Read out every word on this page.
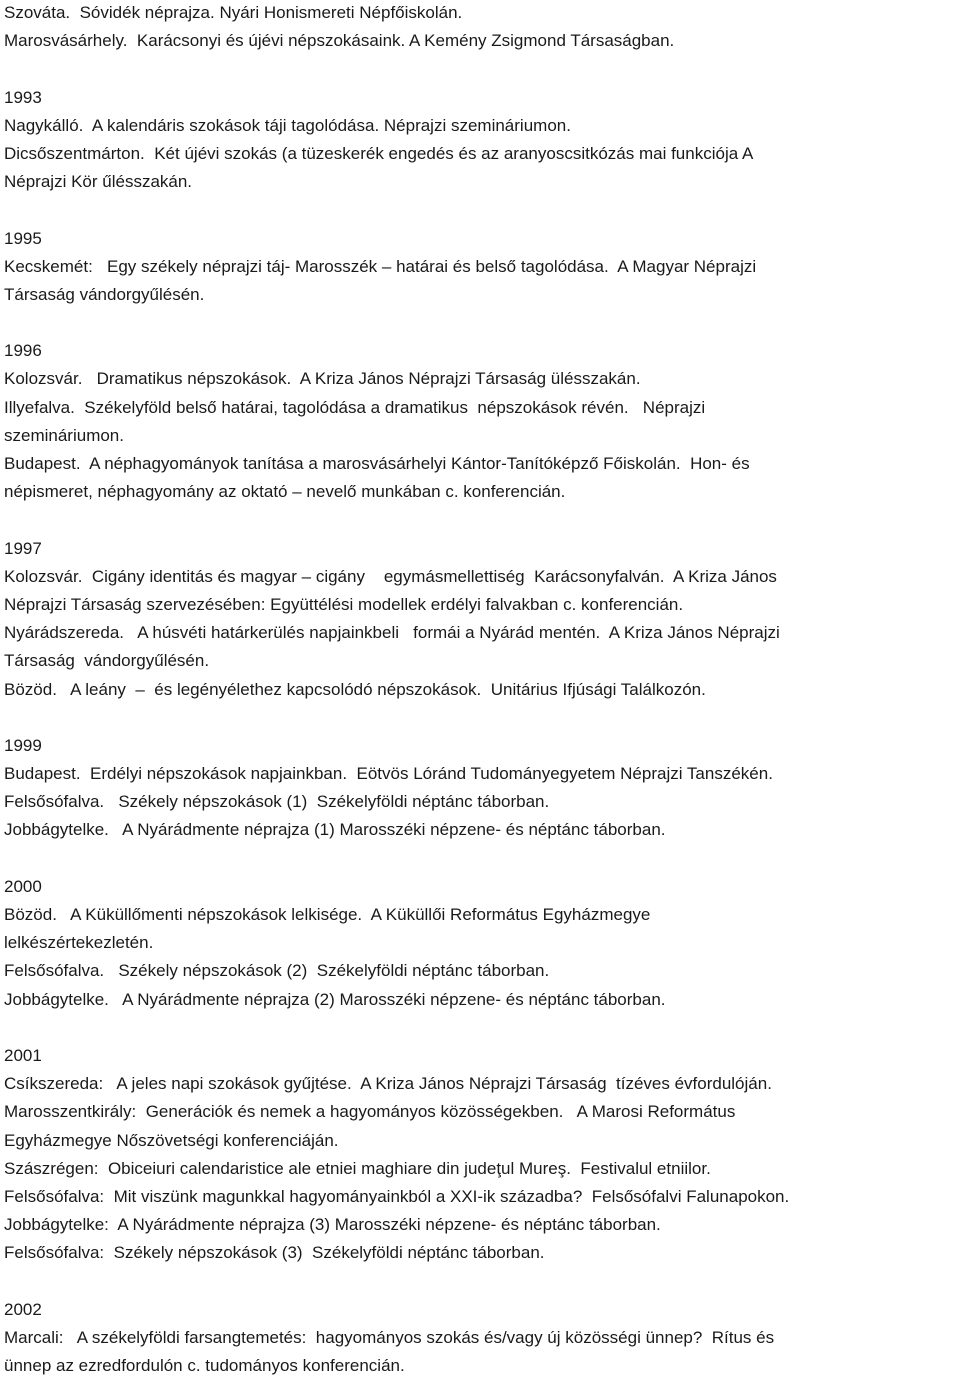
Szováta.  Sóvidék néprajza. Nyári Honismereti Népfőiskolán.
Marosvásárhely.  Karácsonyi és újévi népszokásaink. A Kemény Zsigmond Társaságban.
1993
Nagykálló.  A kalendáris szokások táji tagolódása. Néprajzi szemináriumon.
Dicsőszentmárton.  Két újévi szokás (a tüzeskerék engedés és az aranyoscsitkózás mai funkciója A
Néprajzi Kör űlésszakán.
1995
Kecskemét:   Egy székely néprajzi táj- Marosszék – határai és belső tagolódása.  A Magyar Néprajzi
Társaság vándorgyűlésén.
1996
Kolozsvár.   Dramatikus népszokások.  A Kriza János Néprajzi Társaság ülésszakán.
Illyefalva.  Székelyföld belső határai, tagolódása a dramatikus  népszokások révén.   Néprajzi
szemináriumon.
Budapest.  A néphagyományok tanítása a marosvásárhelyi Kántor-Tanítóképző Főiskolán.  Hon- és
népismeret, néphagyomány az oktató – nevelő munkában c. konferencián.
1997
Kolozsvár.  Cigány identitás és magyar – cigány    egymásmellettiség  Karácsonyfalván.  A Kriza János
Néprajzi Társaság szervezésében: Együttélési modellek erdélyi falvakban c. konferencián.
Nyárádszereda.   A húsvéti határkerülés napjainkbeli   formái a Nyárád mentén.  A Kriza János Néprajzi
Társaság  vándorgyűlésén.
Bözöd.   A leány  –  és legényélethez kapcsolódó népszokások.  Unitárius Ifjúsági Találkozón.
1999
Budapest.  Erdélyi népszokások napjainkban.  Eötvös Lóránd Tudományegyetem Néprajzi Tanszékén.
Felsősófalva.   Székely népszokások (1)  Székelyföldi néptánc táborban.
Jobbágytelke.   A Nyárádmente néprajza (1) Marosszéki népzene- és néptánc táborban.
2000
Bözöd.   A Küküllőmenti népszokások lelkisége.  A Küküllői Református Egyházmegye
lelkészértekezletén.
Felsősófalva.   Székely népszokások (2)  Székelyföldi néptánc táborban.
Jobbágytelke.   A Nyárádmente néprajza (2) Marosszéki népzene- és néptánc táborban.
2001
Csíkszereda:   A jeles napi szokások gyűjtése.  A Kriza János Néprajzi Társaság  tízéves évfordulóján.
Marosszentkirály:  Generációk és nemek a hagyományos közösségekben.   A Marosi Református
Egyházmegye Nőszövetségi konferenciáján.
Szászrégen:  Obiceiuri calendaristice ale etniei maghiare din judeţul Mureş.  Festivalul etniilor.
Felsősófalva:  Mit viszünk magunkkal hagyományainkból a XXI-ik századba?  Felsősófalvi Falunapokon.
Jobbágytelke:  A Nyárádmente néprajza (3) Marosszéki népzene- és néptánc táborban.
Felsősófalva:  Székely népszokások (3)  Székelyföldi néptánc táborban.
2002
Marcali:   A székelyföldi farsangtemetés:  hagyományos szokás és/vagy új közösségi ünnep?  Rítus és
ünnep az ezredfordulón c. tudományos konferencián.
